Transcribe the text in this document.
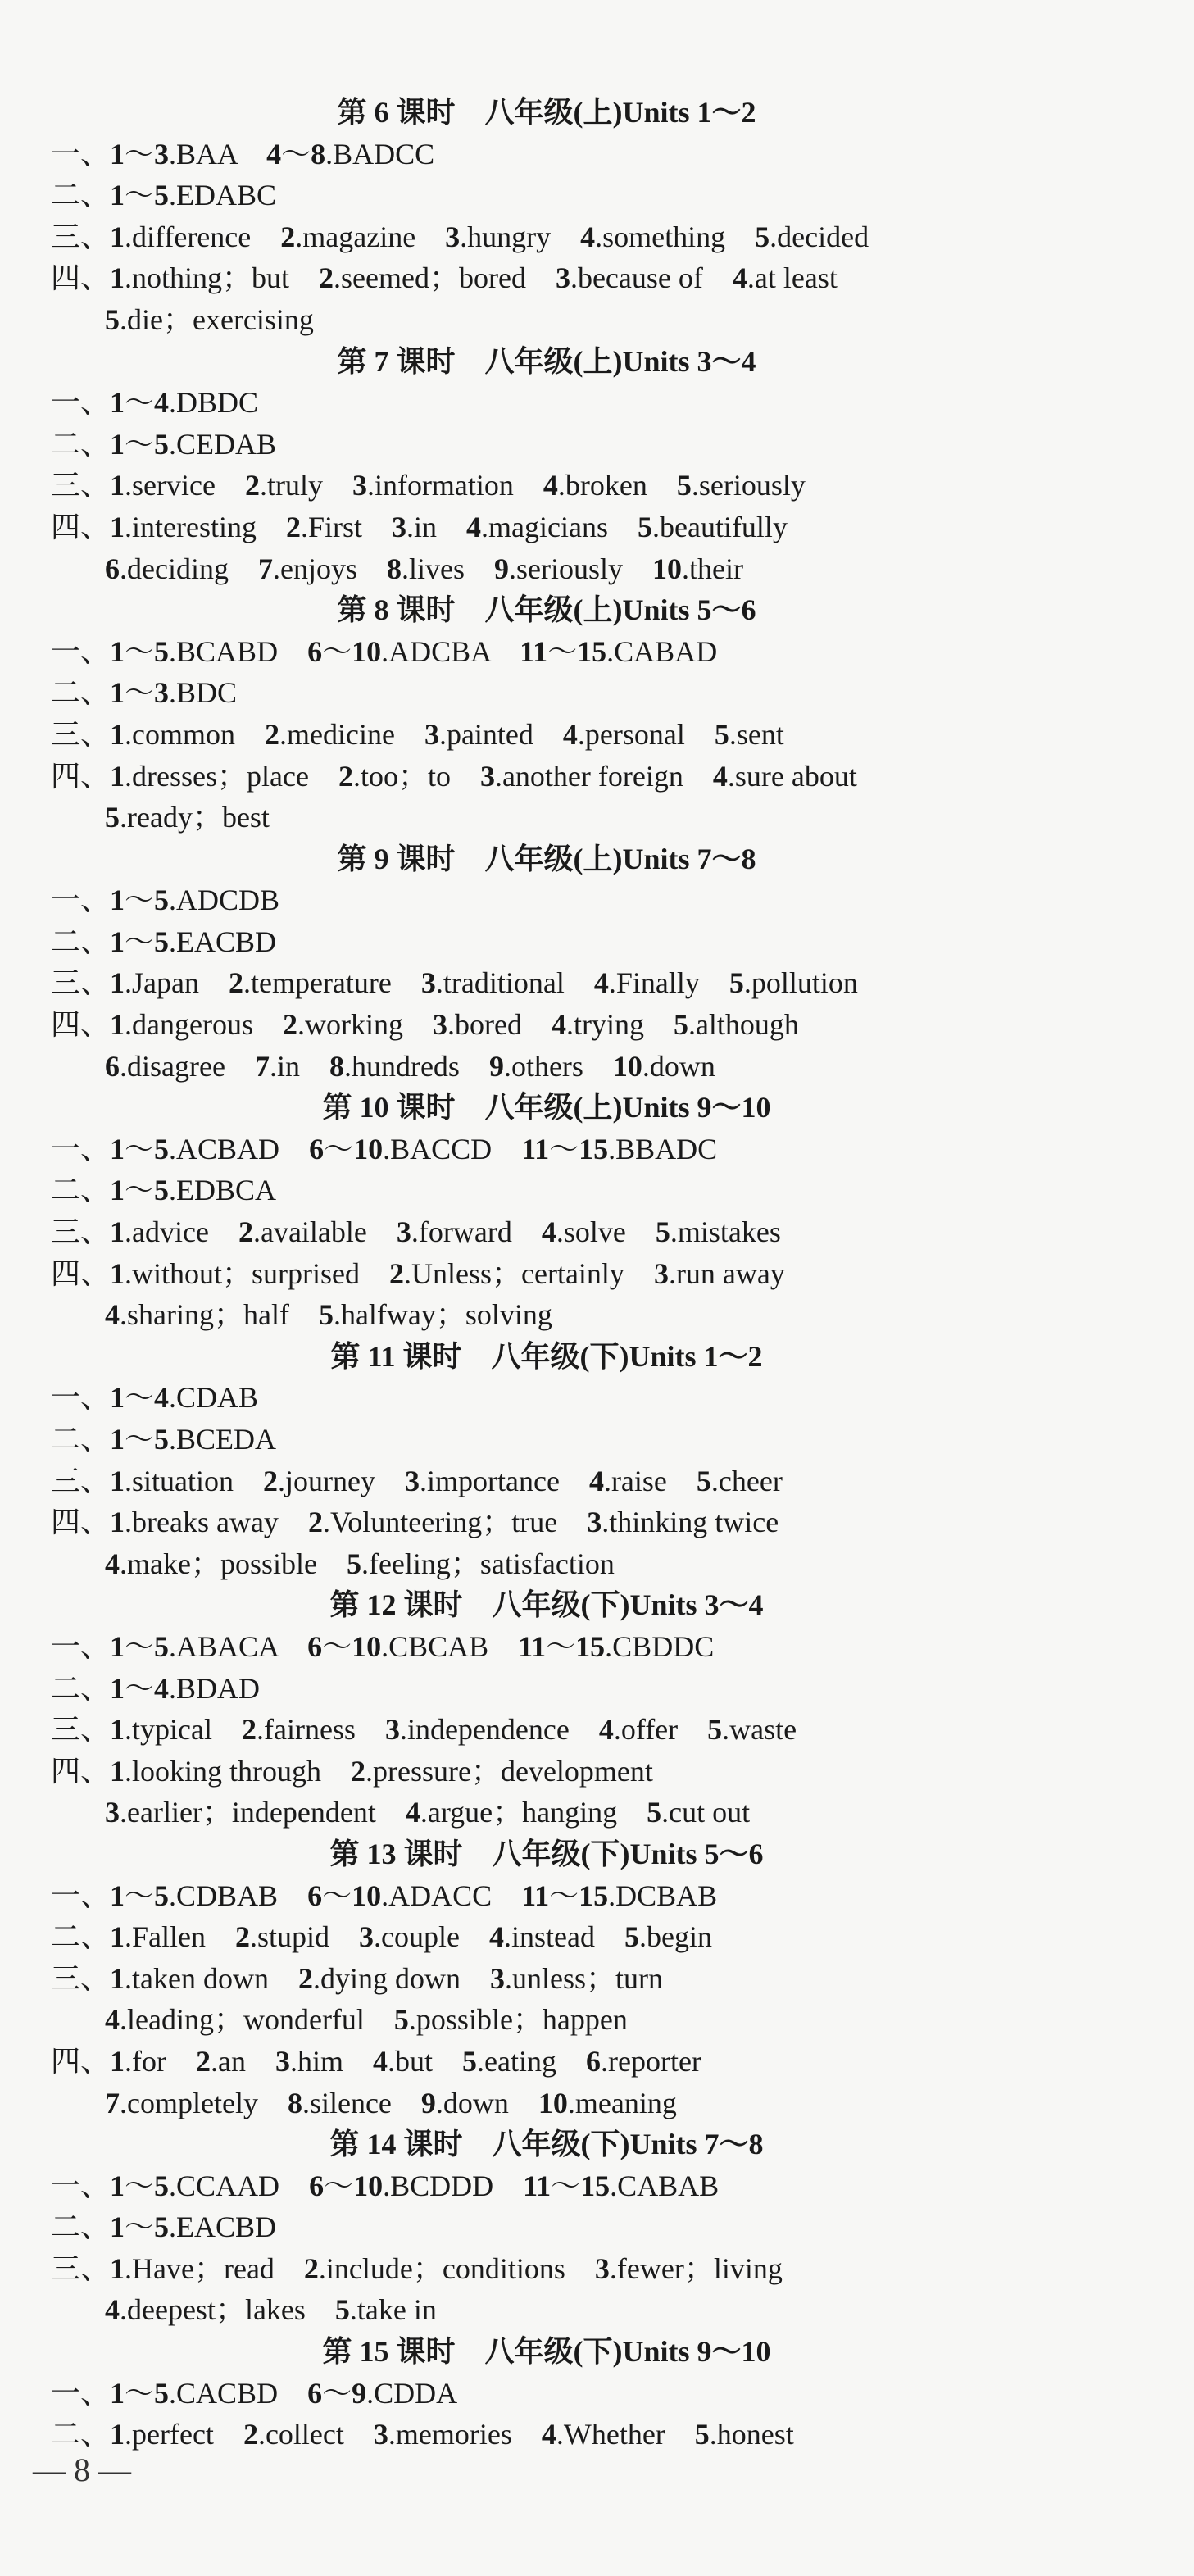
第 6 课时　八年级(上)Units 1～2
一、1～3.BAA　4～8.BADCC
二、1～5.EDABC
三、1.difference　2.magazine　3.hungry　4.something　5.decided
四、1.nothing；but　2.seemed；bored　3.because of　4.at least
5.die；exercising
第 7 课时　八年级(上)Units 3～4
一、1～4.DBDC
二、1～5.CEDAB
三、1.service　2.truly　3.information　4.broken　5.seriously
四、1.interesting　2.First　3.in　4.magicians　5.beautifully
6.deciding　7.enjoys　8.lives　9.seriously　10.their
第 8 课时　八年级(上)Units 5～6
一、1～5.BCABD　6～10.ADCBA　11～15.CABAD
二、1～3.BDC
三、1.common　2.medicine　3.painted　4.personal　5.sent
四、1.dresses；place　2.too；to　3.another foreign　4.sure about
5.ready；best
第 9 课时　八年级(上)Units 7～8
一、1～5.ADCDB
二、1～5.EACBD
三、1.Japan　2.temperature　3.traditional　4.Finally　5.pollution
四、1.dangerous　2.working　3.bored　4.trying　5.although
6.disagree　7.in　8.hundreds　9.others　10.down
第 10 课时　八年级(上)Units 9～10
一、1～5.ACBAD　6～10.BACCD　11～15.BBADC
二、1～5.EDBCA
三、1.advice　2.available　3.forward　4.solve　5.mistakes
四、1.without；surprised　2.Unless；certainly　3.run away
4.sharing；half　5.halfway；solving
第 11 课时　八年级(下)Units 1～2
一、1～4.CDAB
二、1～5.BCEDA
三、1.situation　2.journey　3.importance　4.raise　5.cheer
四、1.breaks away　2.Volunteering；true　3.thinking twice
4.make；possible　5.feeling；satisfaction
第 12 课时　八年级(下)Units 3～4
一、1～5.ABACA　6～10.CBCAB　11～15.CBDDC
二、1～4.BDAD
三、1.typical　2.fairness　3.independence　4.offer　5.waste
四、1.looking through　2.pressure；development
3.earlier；independent　4.argue；hanging　5.cut out
第 13 课时　八年级(下)Units 5～6
一、1～5.CDBAB　6～10.ADACC　11～15.DCBAB
二、1.Fallen　2.stupid　3.couple　4.instead　5.begin
三、1.taken down　2.dying down　3.unless；turn
4.leading；wonderful　5.possible；happen
四、1.for　2.an　3.him　4.but　5.eating　6.reporter
7.completely　8.silence　9.down　10.meaning
第 14 课时　八年级(下)Units 7～8
一、1～5.CCAAD　6～10.BCDDD　11～15.CABAB
二、1～5.EACBD
三、1.Have；read　2.include；conditions　3.fewer；living
4.deepest；lakes　5.take in
第 15 课时　八年级(下)Units 9～10
一、1～5.CACBD　6～9.CDDA
二、1.perfect　2.collect　3.memories　4.Whether　5.honest
— 8 —
